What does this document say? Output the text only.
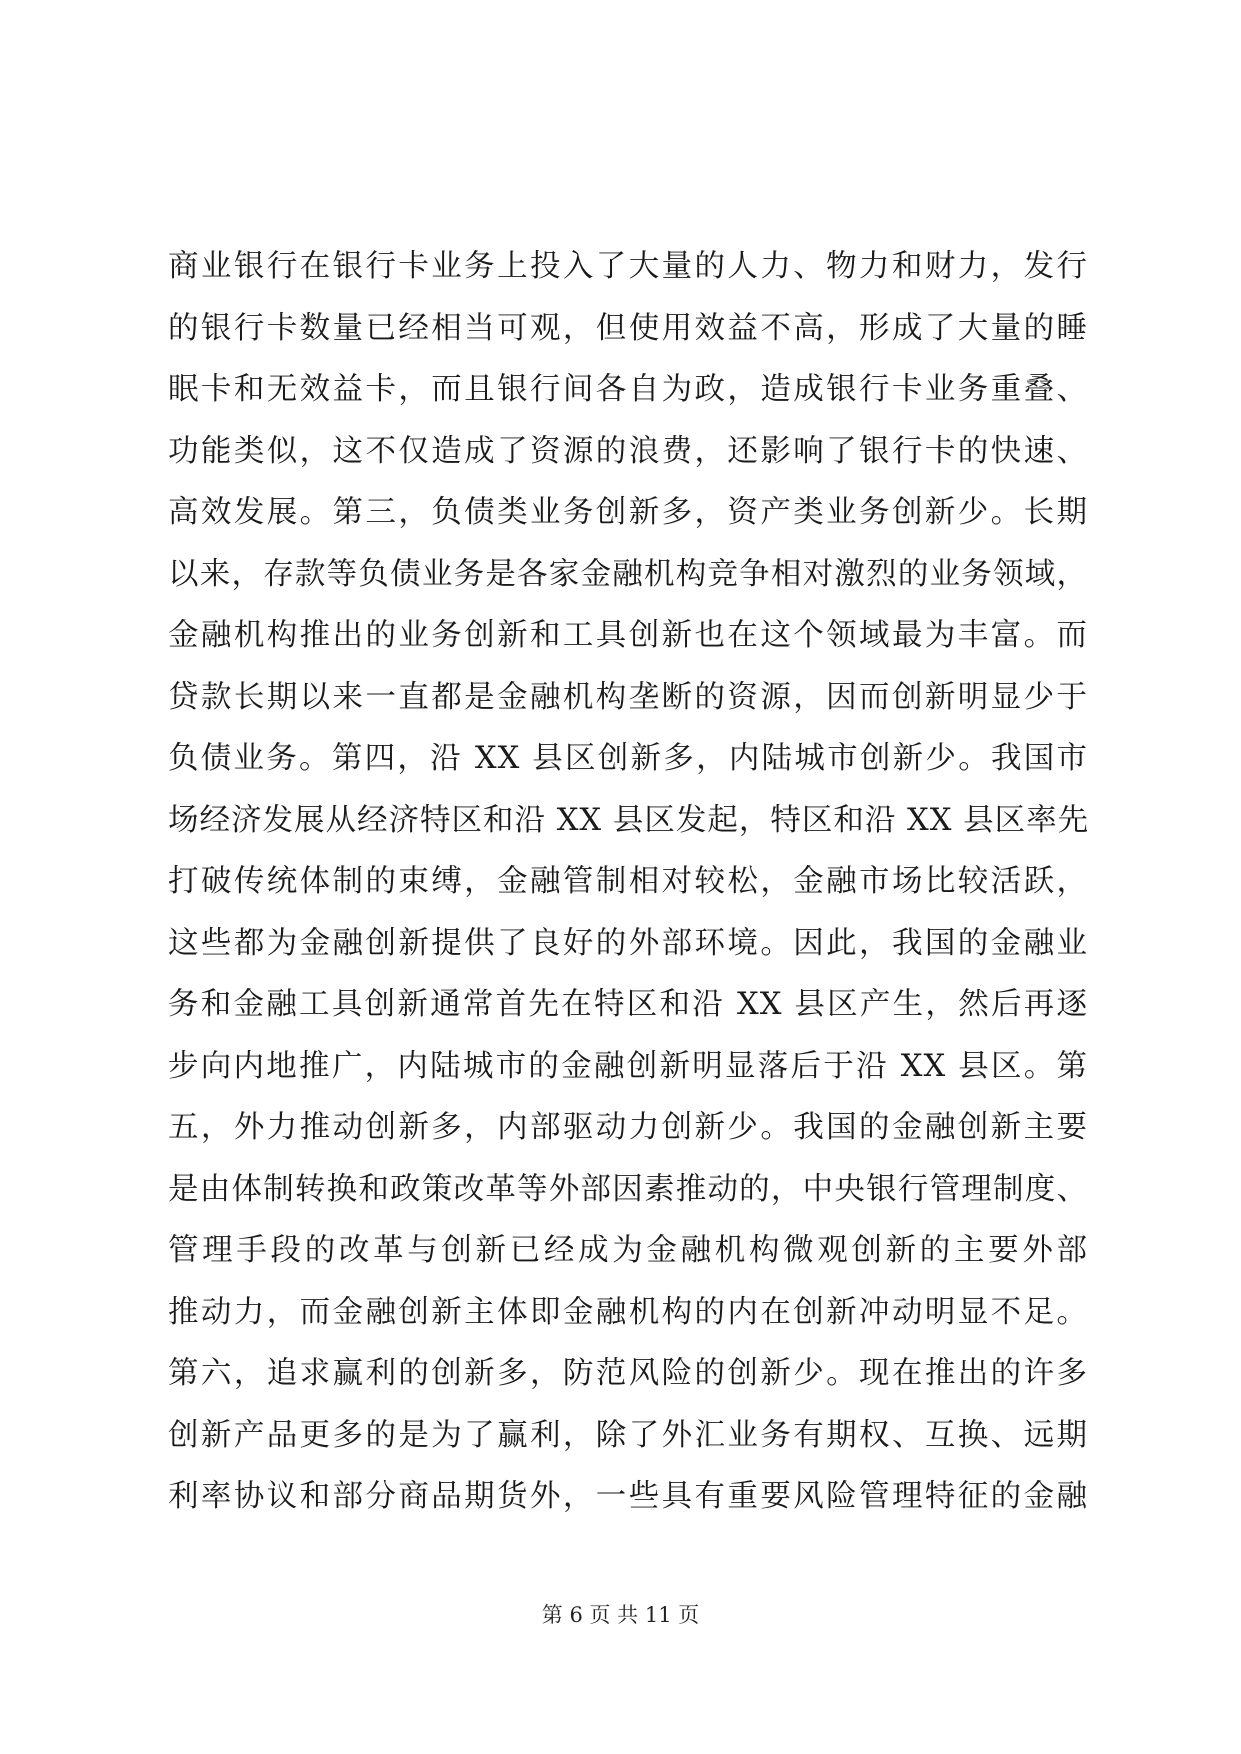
商业银行在银行卡业务上投入了大量的人力、物力和财力，发行
的银行卡数量已经相当可观，但使用效益不高，形成了大量的睡
眠卡和无效益卡，而且银行间各自为政，造成银行卡业务重叠、
功能类似，这不仅造成了资源的浪费，还影响了银行卡的快速、
高效发展。第三，负债类业务创新多，资产类业务创新少。长期
以来，存款等负债业务是各家金融机构竞争相对激烈的业务领域，
金融机构推出的业务创新和工具创新也在这个领域最为丰富。而
贷款长期以来一直都是金融机构垄断的资源，因而创新明显少于
负债业务。第四，沿 XX 县区创新多，内陆城市创新少。我国市
场经济发展从经济特区和沿 XX 县区发起，特区和沿 XX 县区率先
打破传统体制的束缚，金融管制相对较松，金融市场比较活跃，
这些都为金融创新提供了良好的外部环境。因此，我国的金融业
务和金融工具创新通常首先在特区和沿 XX 县区产生，然后再逐
步向内地推广，内陆城市的金融创新明显落后于沿 XX 县区。第
五，外力推动创新多，内部驱动力创新少。我国的金融创新主要
是由体制转换和政策改革等外部因素推动的，中央银行管理制度、
管理手段的改革与创新已经成为金融机构微观创新的主要外部
推动力，而金融创新主体即金融机构的内在创新冲动明显不足。
第六，追求赢利的创新多，防范风险的创新少。现在推出的许多
创新产品更多的是为了赢利，除了外汇业务有期权、互换、远期
利率协议和部分商品期货外，一些具有重要风险管理特征的金融
第 6 页 共 11 页
